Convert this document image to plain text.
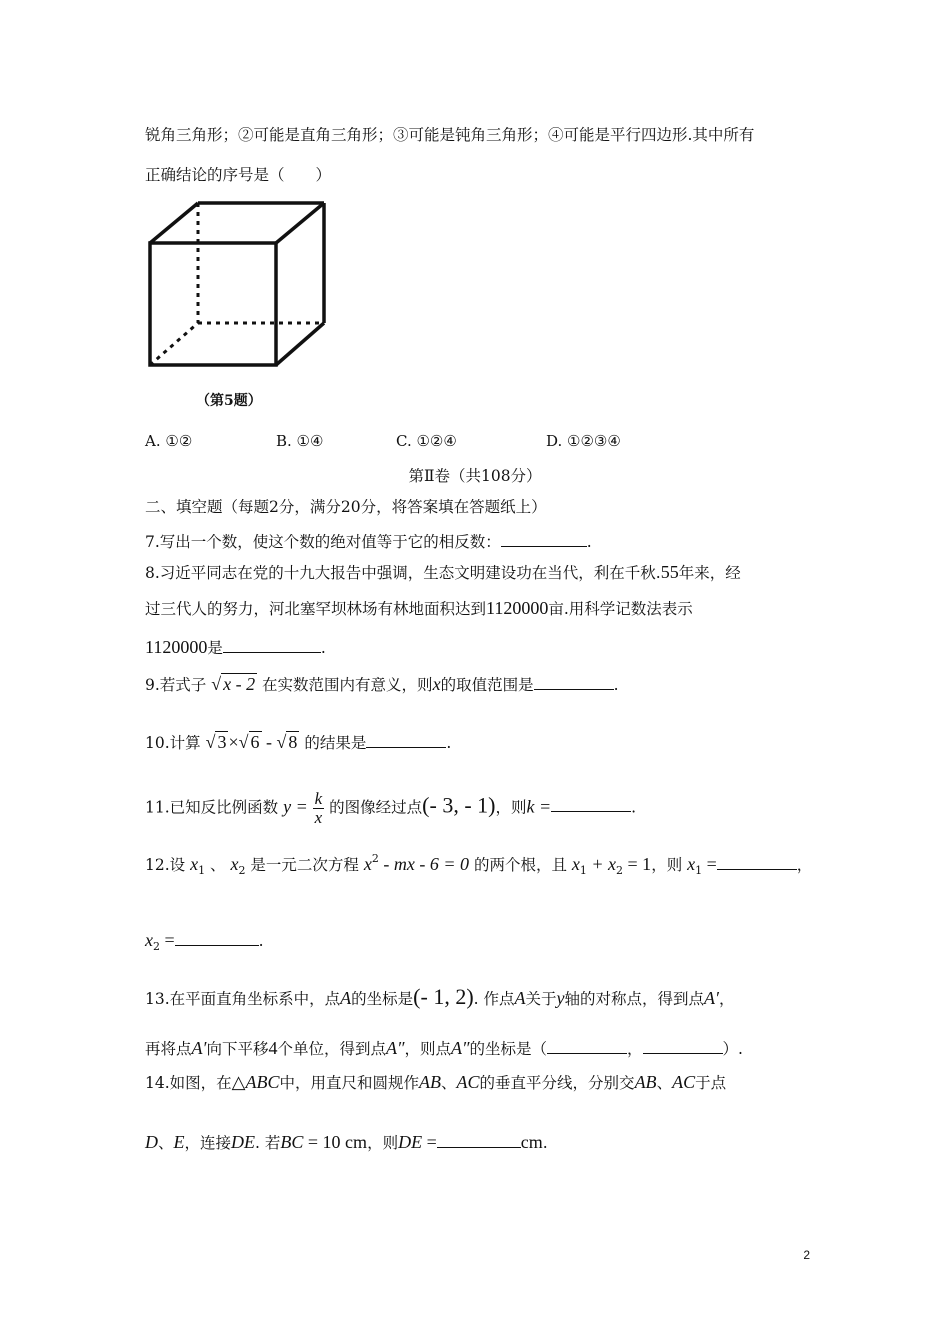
锐角三角形；②可能是直角三角形；③可能是钝角三角形；④可能是平行四边形.其中所有
正确结论的序号是（　　）
（第5题）
A. ①②	B. ①④	C. ①②④	D. ①②③④
第Ⅱ卷（共108分）
二、填空题（每题2分，满分20分，将答案填在答题纸上）
7.写出一个数，使这个数的绝对值等于它的相反数：	.
8.习近平同志在党的十九大报告中强调，生态文明建设功在当代，利在千秋.55年来，经
过三代人的努力，河北塞罕坝林场有林地面积达到1120000亩.用科学记数法表示
1120000是	.
9.若式子 √ x - 2 在实数范围内有意义，则x的取值范围是	.
10.计算 √ 3 ×√ 6 - √ 8 的结果是	.
11.已知反比例函数 $y = \frac{k}{x}$ 的图像经过点(- 3, - 1)，则k =	.
12.设 $x_1$ 、 $x_2$ 是一元二次方程 $x^2$ - mx - 6 = 0 的两个根，且 $x_1 + x_2 = 1$，则 $x_1$ =	，
$x_2$ =	.
13.在平面直角坐标系中，点A的坐标是(- 1, 2). 作点A关于y轴的对称点，得到点A′，
再将点A′向下平移4个单位，得到点A″，则点A″的坐标是（	，	）.
14.如图，在△ABC中，用直尺和圆规作AB、AC的垂直平分线，分别交AB、AC于点
D、E，连接DE. 若BC = 10 cm，则DE =	cm.
2
